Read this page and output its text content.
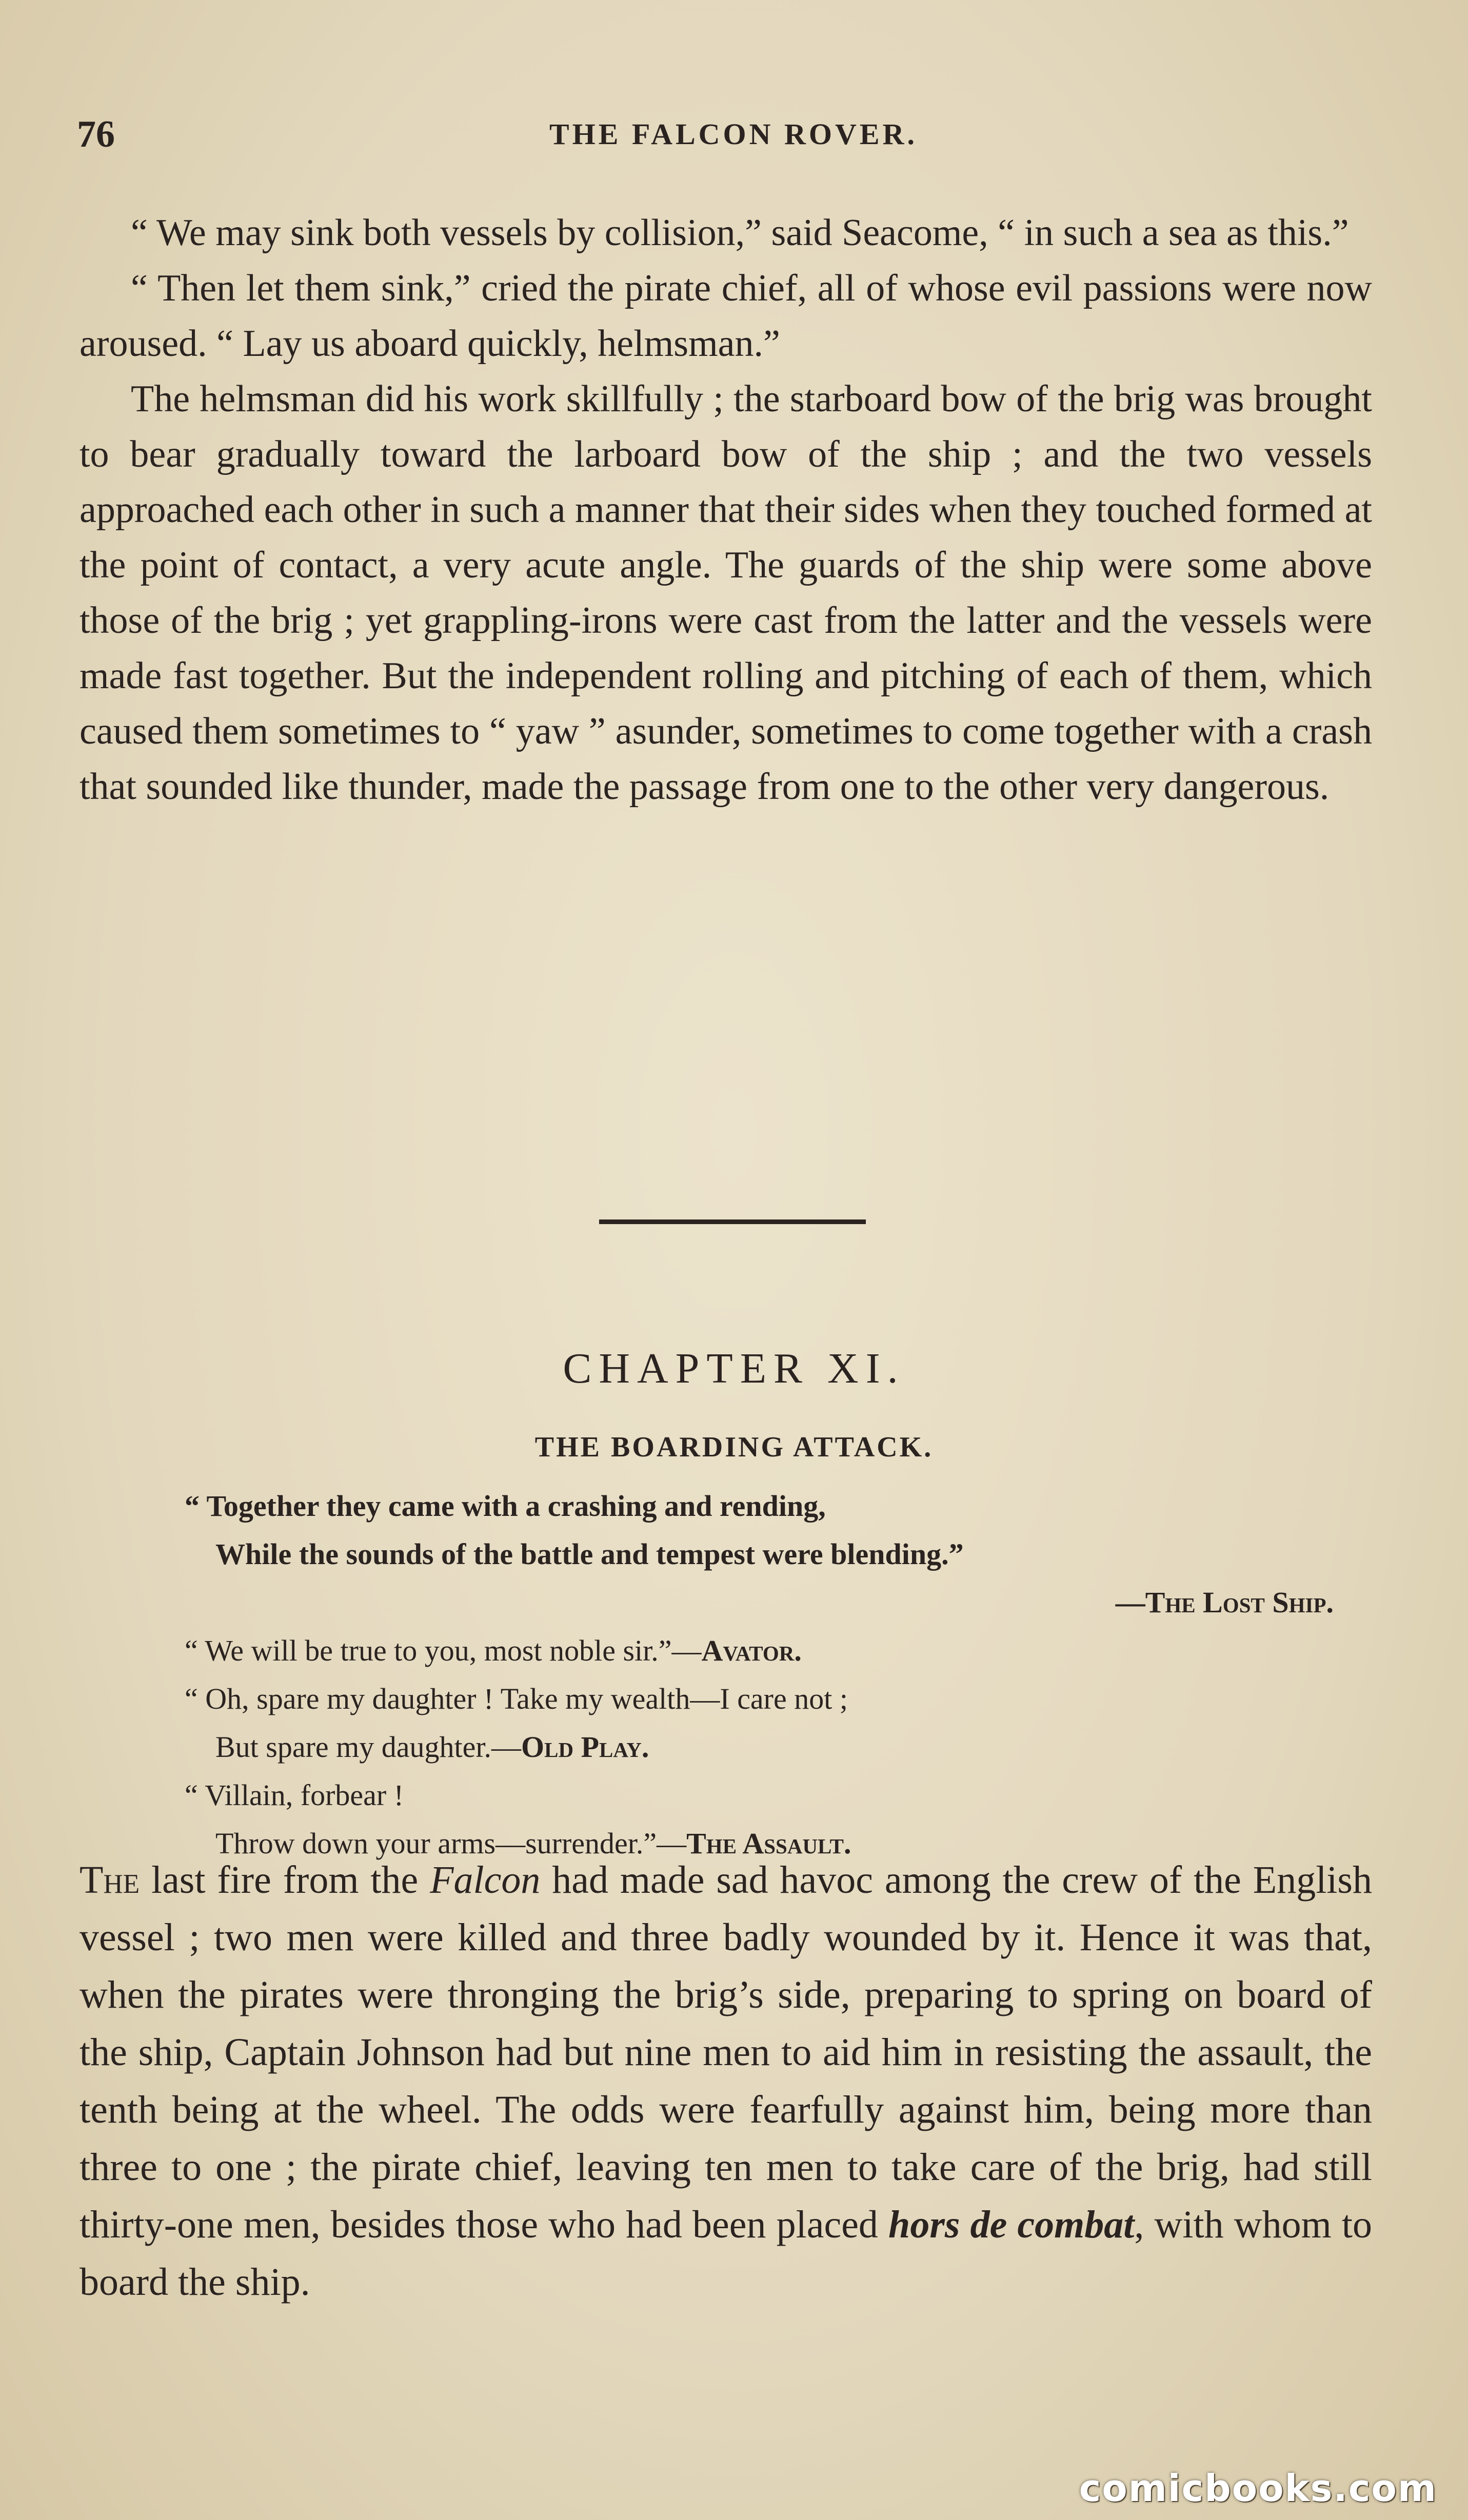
76	THE FALCON ROVER.

“ We may sink both vessels by collision,” said Seacome, “ in such a sea as this.”

“ Then let them sink,” cried the pirate chief, all of whose evil passions were now aroused. “ Lay us aboard quickly, helmsman.”

The helmsman did his work skillfully ; the starboard bow of the brig was brought to bear gradually toward the larboard bow of the ship ; and the two vessels approached each other in such a manner that their sides when they touched formed at the point of contact, a very acute angle. The guards of the ship were some above those of the brig ; yet grappling-irons were cast from the latter and the vessels were made fast together. But the independent rolling and pitching of each of them, which caused them sometimes to “ yaw ” asunder, sometimes to come together with a crash that sounded like thunder, made the passage from one to the other very dangerous.

CHAPTER XI.
THE BOARDING ATTACK.
“ Together they came with a crashing and rending,
While the sounds of the battle and tempest were blending.”
—The Lost Ship.
“ We will be true to you, most noble sir.”—Avator.
“ Oh, spare my daughter ! Take my wealth—I care not ;
But spare my daughter.—Old Play.
“ Villain, forbear !
Throw down your arms—surrender.”—The Assault.

The last fire from the Falcon had made sad havoc among the crew of the English vessel ; two men were killed and three badly wounded by it. Hence it was that, when the pirates were thronging the brig’s side, preparing to spring on board of the ship, Captain Johnson had but nine men to aid him in resisting the assault, the tenth being at the wheel. The odds were fearfully against him, being more than three to one ; the pirate chief, leaving ten men to take care of the brig, had still thirty-one men, besides those who had been placed hors de combat, with whom to board the ship.

comicbooks.com
